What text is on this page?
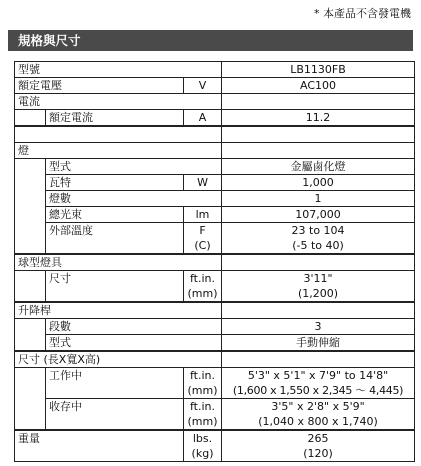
* 本產品不含發電機
規格與尺寸
型號			LB1130FB
額定電壓		V	AC100
電流			
	額定電流	A	11.2

燈			
	型式		金屬鹵化燈
	瓦特	W	1,000
	燈數		1
	總光束	lm	107,000
	外部溫度	F	23 to 104
		(C)	(-5 to 40)
球型燈具			
	尺寸	ft.in.	3'11"
		(mm)	(1,200)
升降桿			
	段數		3
	型式		手動伸縮
尺寸 (長X寬X高)			
	工作中	ft.in.	5'3" x 5'1" x 7'9" to 14'8"
		(mm)	(1,600 x 1,550 x 2,345 ～ 4,445)
	收存中	ft.in.	3'5" x 2'8" x 5'9"
		(mm)	(1,040 x 800 x 1,740)
重量		lbs.	265
		(kg)	(120)
